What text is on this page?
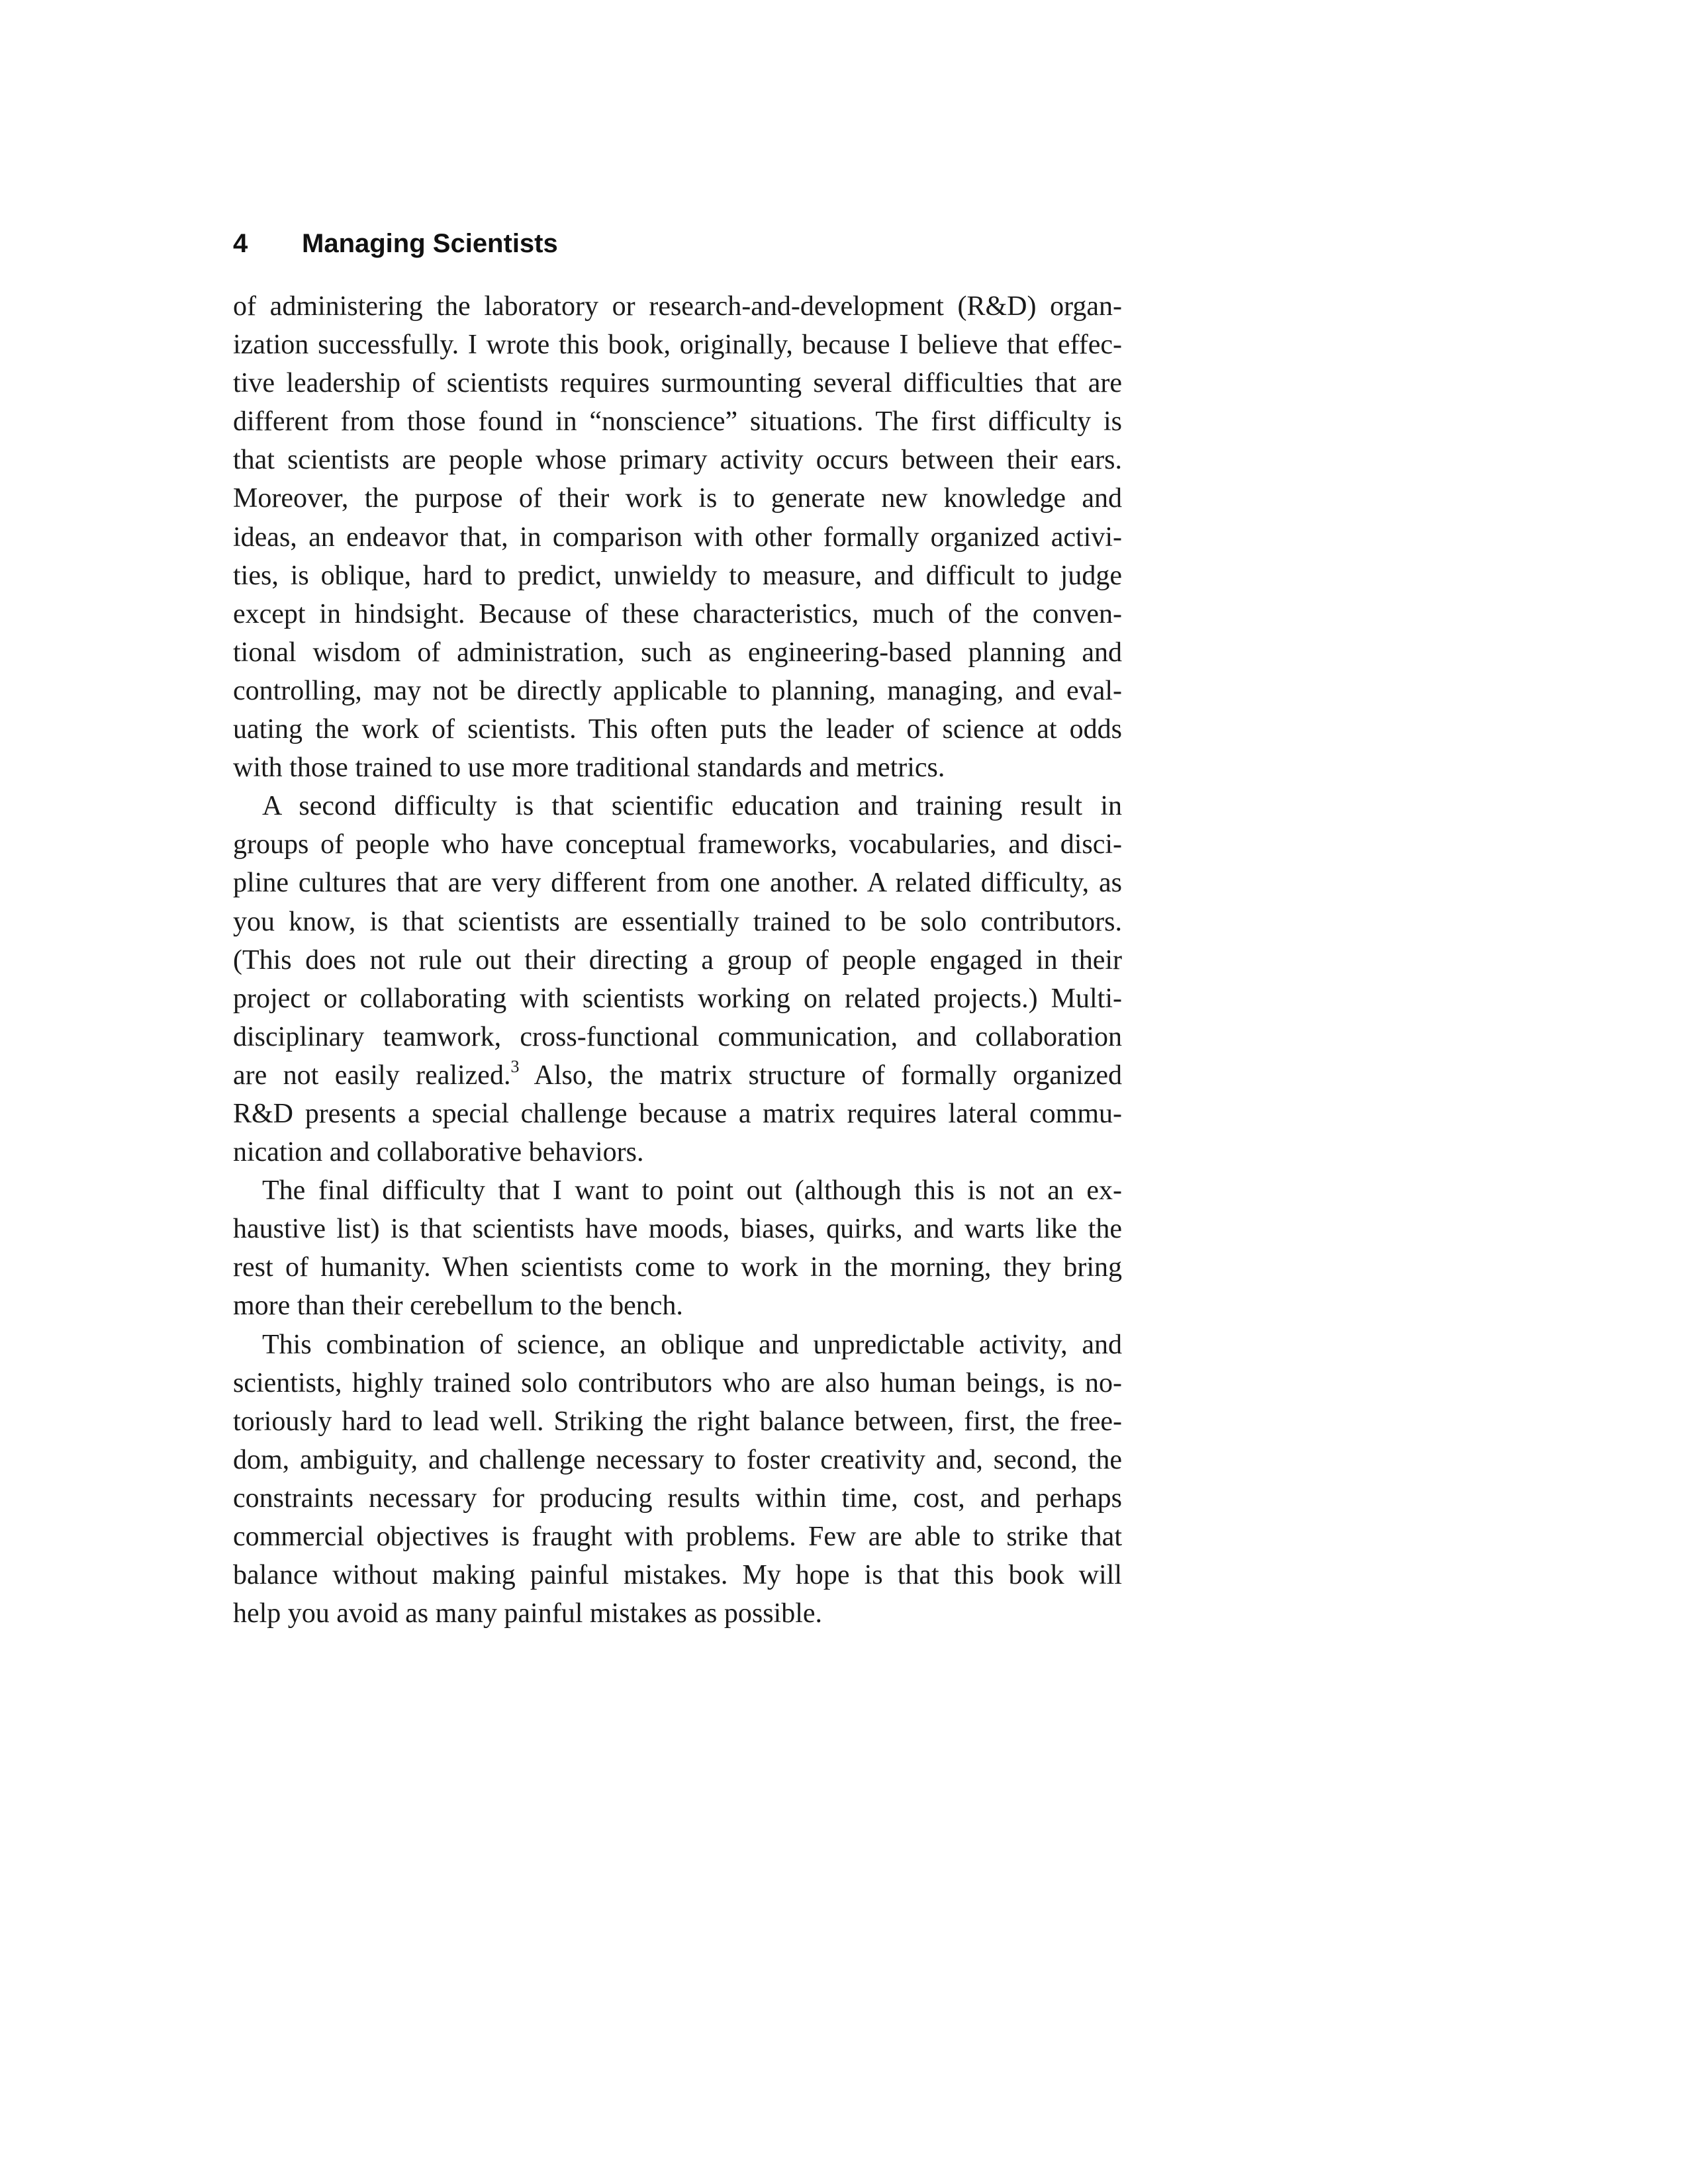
4 Managing Scientists
of administering the laboratory or research-and-development (R&D) organ-
ization successfully. I wrote this book, originally, because I believe that effec-
tive leadership of scientists requires surmounting several difficulties that are
different from those found in “nonscience” situations. The first difficulty is
that scientists are people whose primary activity occurs between their ears.
Moreover, the purpose of their work is to generate new knowledge and
ideas, an endeavor that, in comparison with other formally organized activi-
ties, is oblique, hard to predict, unwieldy to measure, and difficult to judge
except in hindsight. Because of these characteristics, much of the conven-
tional wisdom of administration, such as engineering-based planning and
controlling, may not be directly applicable to planning, managing, and eval-
uating the work of scientists. This often puts the leader of science at odds
with those trained to use more traditional standards and metrics.
A second difficulty is that scientific education and training result in
groups of people who have conceptual frameworks, vocabularies, and disci-
pline cultures that are very different from one another. A related difficulty, as
you know, is that scientists are essentially trained to be solo contributors.
(This does not rule out their directing a group of people engaged in their
project or collaborating with scientists working on related projects.) Multi-
disciplinary teamwork, cross-functional communication, and collaboration
are not easily realized.$^3$ Also, the matrix structure of formally organized
R&D presents a special challenge because a matrix requires lateral commu-
nication and collaborative behaviors.
The final difficulty that I want to point out (although this is not an ex-
haustive list) is that scientists have moods, biases, quirks, and warts like the
rest of humanity. When scientists come to work in the morning, they bring
more than their cerebellum to the bench.
This combination of science, an oblique and unpredictable activity, and
scientists, highly trained solo contributors who are also human beings, is no-
toriously hard to lead well. Striking the right balance between, first, the free-
dom, ambiguity, and challenge necessary to foster creativity and, second, the
constraints necessary for producing results within time, cost, and perhaps
commercial objectives is fraught with problems. Few are able to strike that
balance without making painful mistakes. My hope is that this book will
help you avoid as many painful mistakes as possible.
